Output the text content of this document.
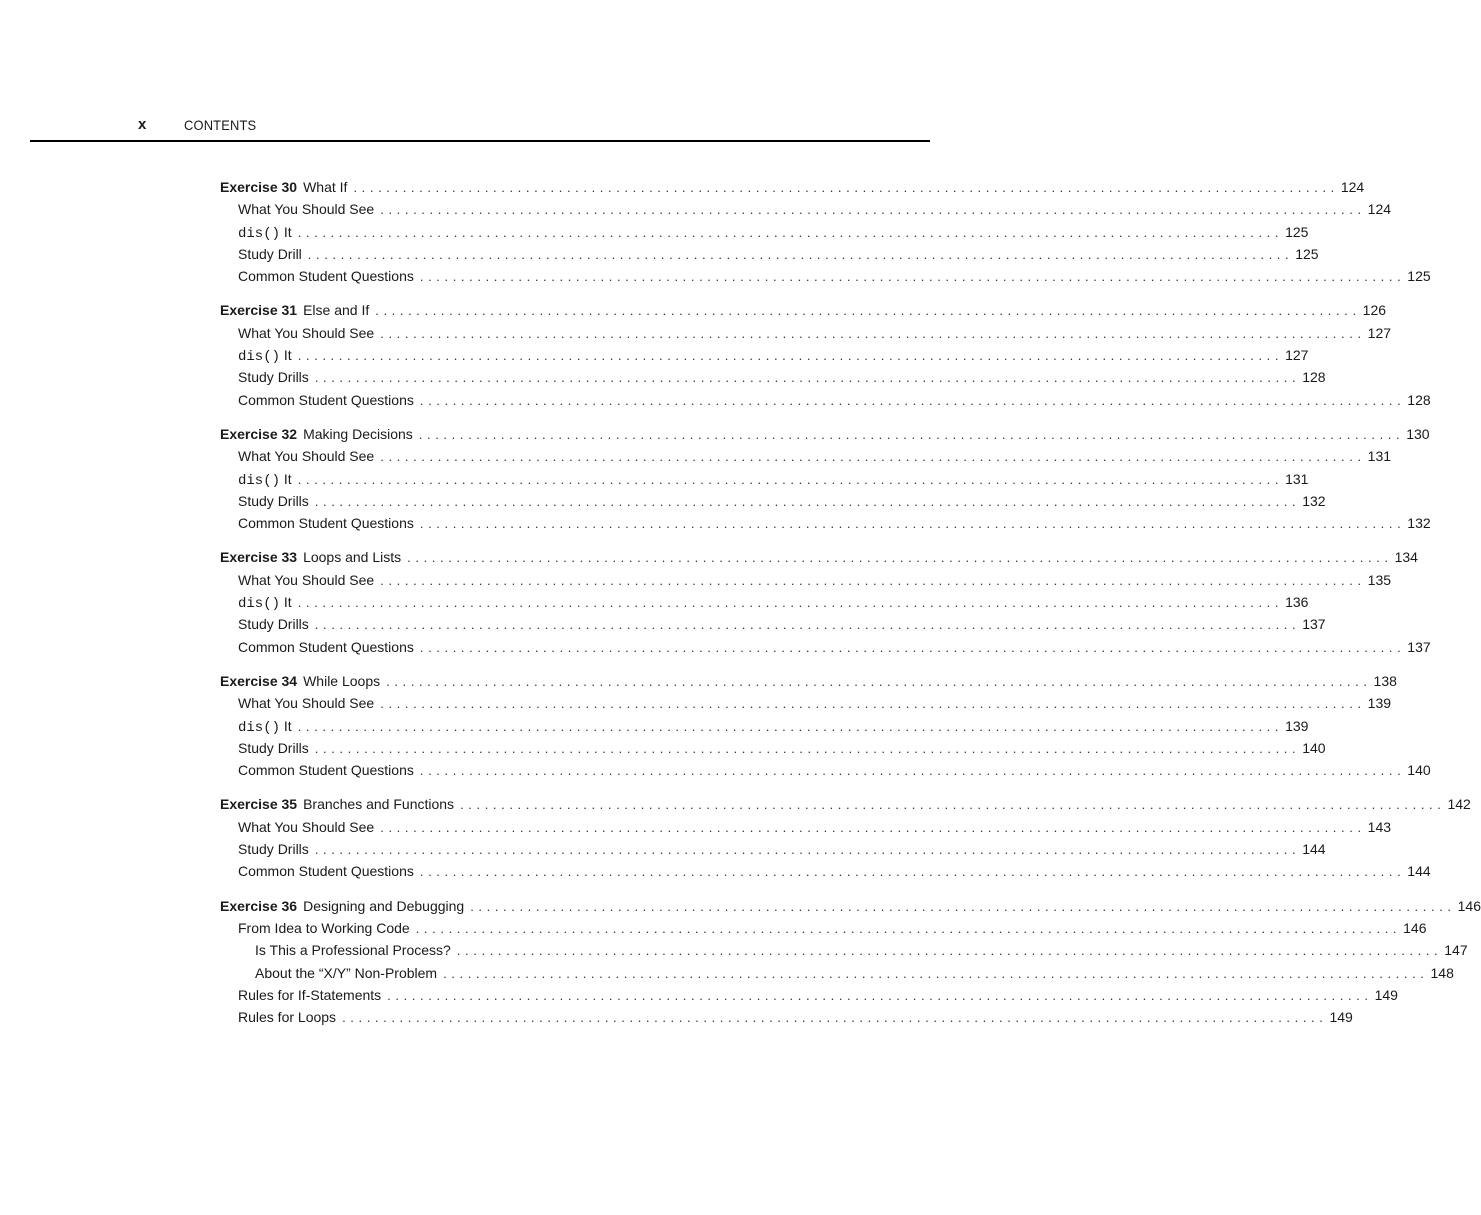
x	CONTENTS
Exercise 30 What If ........................................................................................................................ 124
What You Should See ........................................................................................................................ 124
dis() It ........................................................................................................................ 125
Study Drill ........................................................................................................................ 125
Common Student Questions ........................................................................................................................ 125
Exercise 31 Else and If ........................................................................................................................ 126
What You Should See ........................................................................................................................ 127
dis() It ........................................................................................................................ 127
Study Drills ........................................................................................................................ 128
Common Student Questions ........................................................................................................................ 128
Exercise 32 Making Decisions ........................................................................................................................ 130
What You Should See ........................................................................................................................ 131
dis() It ........................................................................................................................ 131
Study Drills ........................................................................................................................ 132
Common Student Questions ........................................................................................................................ 132
Exercise 33 Loops and Lists ........................................................................................................................ 134
What You Should See ........................................................................................................................ 135
dis() It ........................................................................................................................ 136
Study Drills ........................................................................................................................ 137
Common Student Questions ........................................................................................................................ 137
Exercise 34 While Loops ........................................................................................................................ 138
What You Should See ........................................................................................................................ 139
dis() It ........................................................................................................................ 139
Study Drills ........................................................................................................................ 140
Common Student Questions ........................................................................................................................ 140
Exercise 35 Branches and Functions ........................................................................................................................ 142
What You Should See ........................................................................................................................ 143
Study Drills ........................................................................................................................ 144
Common Student Questions ........................................................................................................................ 144
Exercise 36 Designing and Debugging ........................................................................................................................ 146
From Idea to Working Code ........................................................................................................................ 146
Is This a Professional Process? ........................................................................................................................ 147
About the “X/Y” Non-Problem ........................................................................................................................ 148
Rules for If-Statements ........................................................................................................................ 149
Rules for Loops ........................................................................................................................ 149
